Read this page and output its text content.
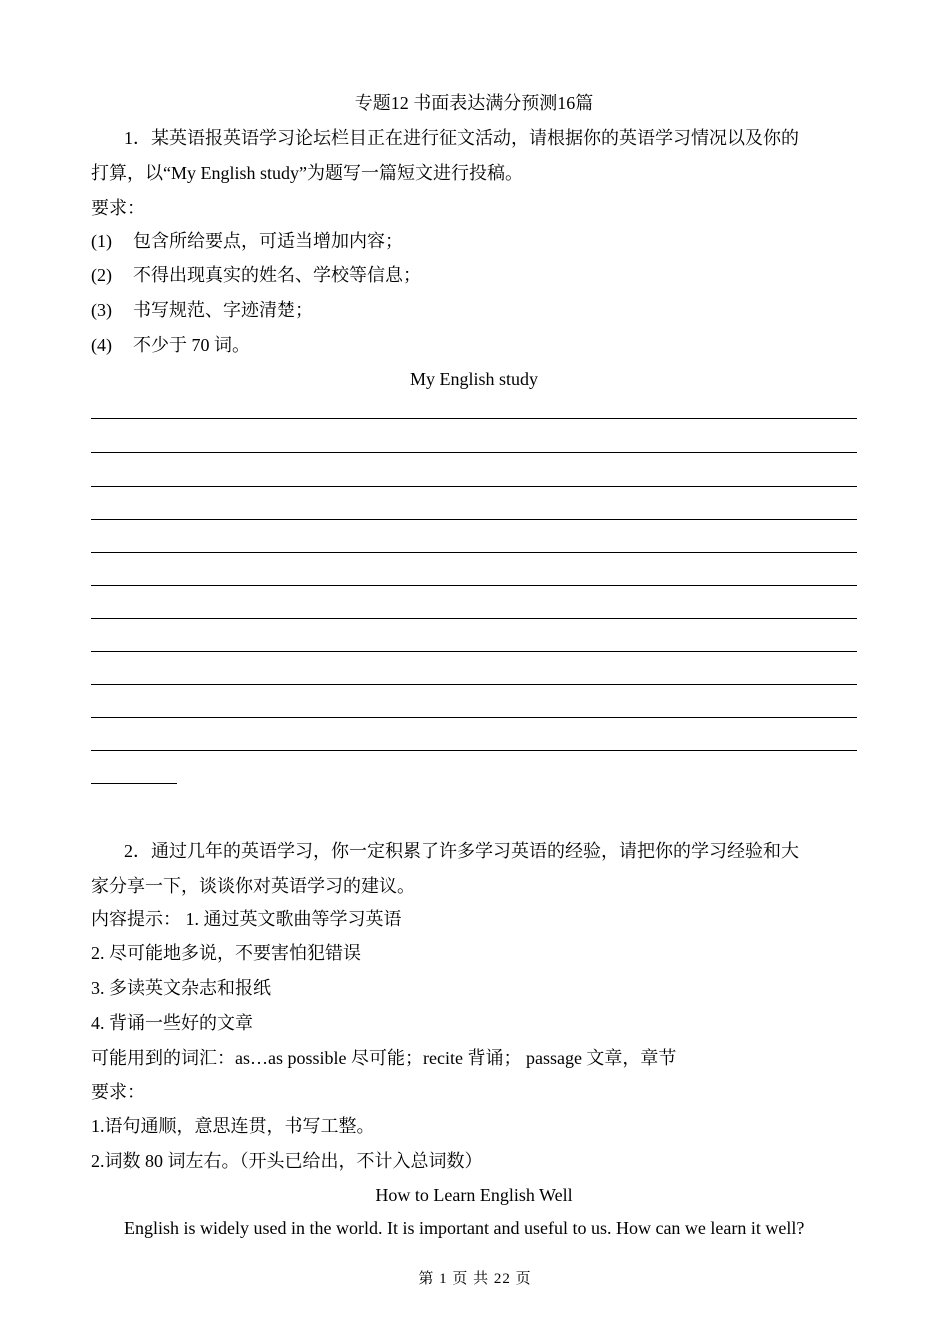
专题12 书面表达满分预测16篇
1．某英语报英语学习论坛栏目正在进行征文活动，请根据你的英语学习情况以及你的
打算，以“My English study”为题写一篇短文进行投稿。
要求：
(1) 包含所给要点，可适当增加内容；
(2) 不得出现真实的姓名、学校等信息；
(3) 书写规范、字迹清楚；
(4) 不少于 70 词。
My English study
2．通过几年的英语学习，你一定积累了许多学习英语的经验，请把你的学习经验和大
家分享一下，谈谈你对英语学习的建议。
内容提示： 1. 通过英文歌曲等学习英语
2. 尽可能地多说，不要害怕犯错误
3. 多读英文杂志和报纸
4. 背诵一些好的文章
可能用到的词汇：as…as possible 尽可能；recite 背诵； passage 文章，章节
要求：
1.语句通顺，意思连贯，书写工整。
2.词数 80 词左右。（开头已给出，不计入总词数）
How to Learn English Well
English is widely used in the world. It is important and useful to us. How can we learn it well?
第 1 页 共 22 页
